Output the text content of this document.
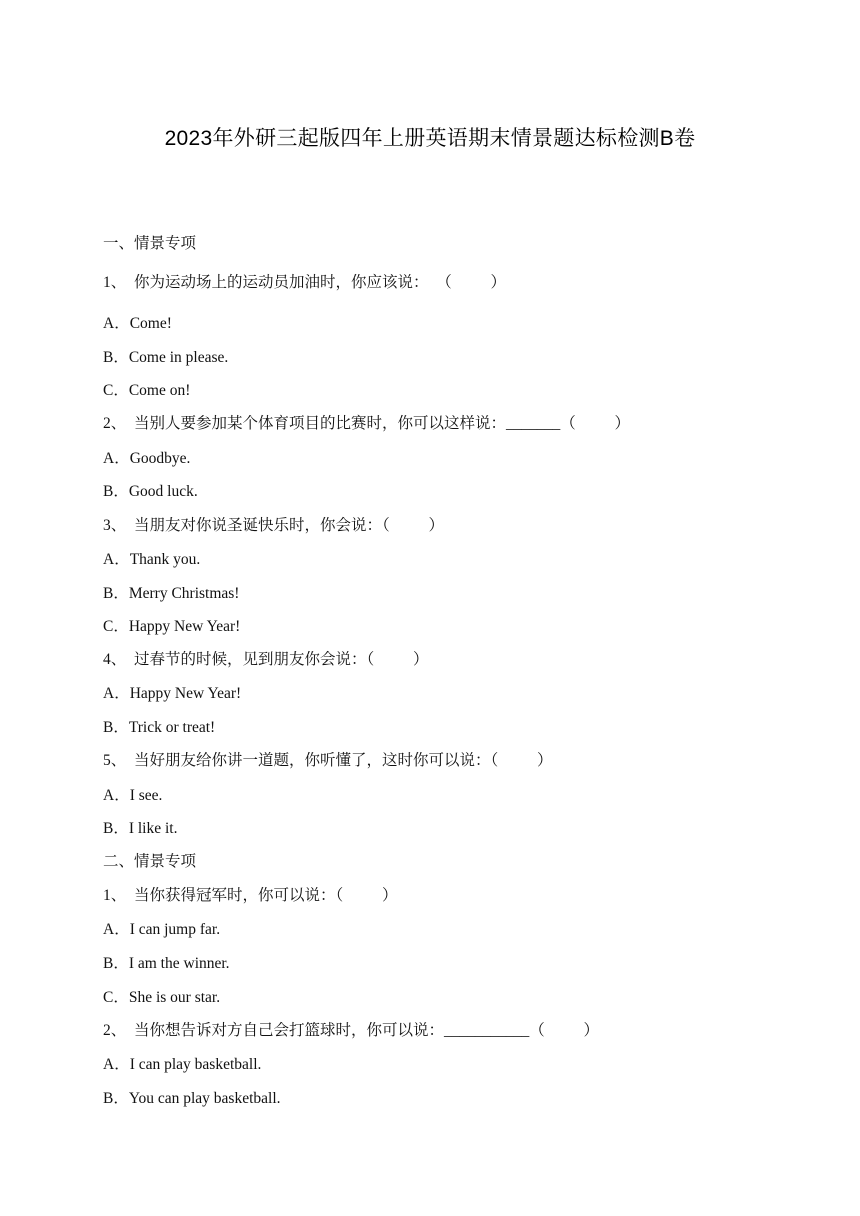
2023年外研三起版四年上册英语期末情景题达标检测B卷
一、情景专项
1、  你为运动场上的运动员加油时，你应该说：  （          ）
A．Come!
B．Come in please.
C．Come on!
2、  当别人要参加某个体育项目的比赛时，你可以这样说：_______（          ）
A．Goodbye.
B．Good luck.
3、  当朋友对你说圣诞快乐时，你会说：（          ）
A．Thank you.
B．Merry Christmas!
C．Happy New Year!
4、  过春节的时候，见到朋友你会说：（          ）
A．Happy New Year!
B．Trick or treat!
5、  当好朋友给你讲一道题，你听懂了，这时你可以说：（          ）
A．I see.
B．I like it.
二、情景专项
1、  当你获得冠军时，你可以说：（          ）
A．I can jump far.
B．I am the winner.
C．She is our star.
2、  当你想告诉对方自己会打篮球时，你可以说：___________（          ）
A．I can play basketball.
B．You can play basketball.
